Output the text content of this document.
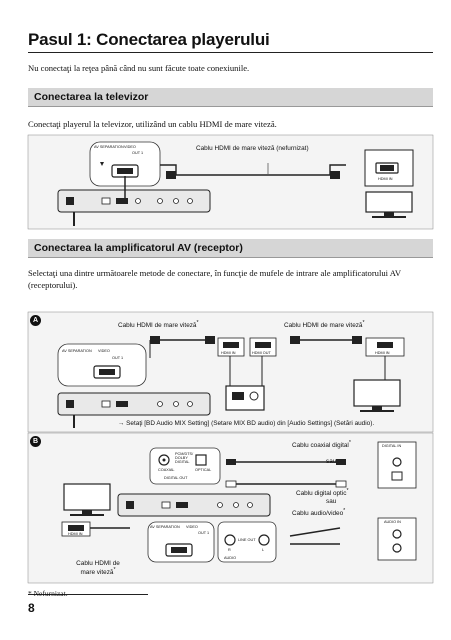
Pasul 1: Conectarea playerului
Nu conectaţi la reţea până când nu sunt făcute toate conexiunile.
Conectarea la televizor
Conectaţi playerul la televizor, utilizând un cablu HDMI de mare viteză.
AV SEPARATION VIDEO
OUT 1
Cablu HDMI de mare viteză (nefurnizat)
HDMI IN
Conectarea la amplificatorul AV (receptor)
Selectaţi una dintre următoarele metode de conectare, în funcţie de mufele de intrare ale amplificatorului AV (receptorului).
A
Cablu HDMI de mare viteză*	Cablu HDMI de mare viteză*
HDMI IN	HDMI OUT	HDMI IN
AV SEPARATION VIDEO
OUT 1
→ Setaţi [BD Audio MIX Setting] (Setare MIX BD audio) din [Audio Settings] (Setări audio).
B
COAXIAL
PCM/DTS/ DOLBY DIGITAL
OPTICAL
DIGITAL OUT
Cablu coaxial digital*
sau
Cablu digital optic*
sau
Cablu audio/video*
DIGITAL IN
AUDIO IN
HDMI IN
AV SEPARATION VIDEO
OUT 1
LINE OUT
R	L
AUDIO
Cablu HDMI de mare viteză*
* Nefurnizat.
8
